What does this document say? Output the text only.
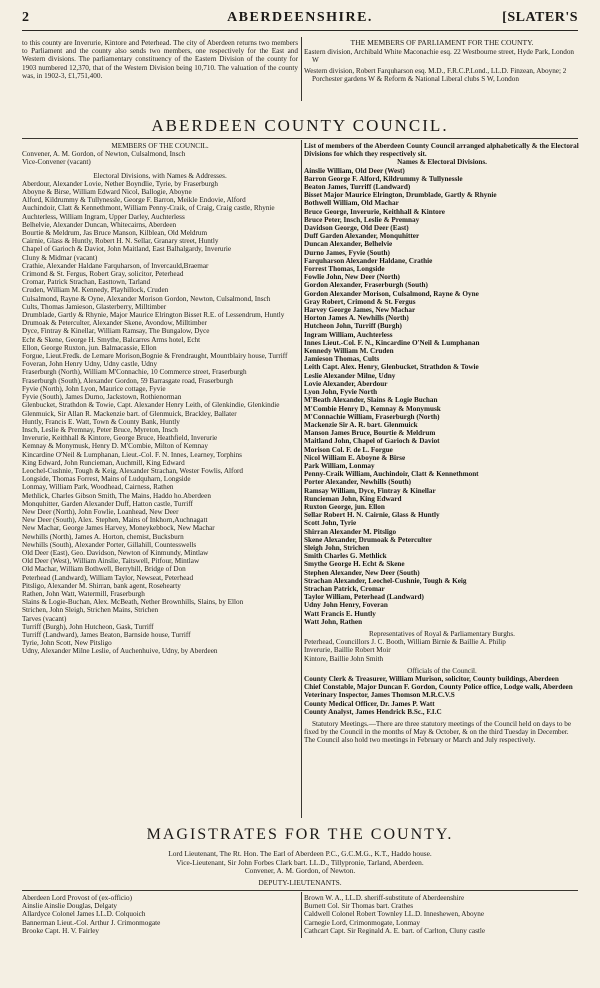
2	ABERDEENSHIRE.	[SLATER'S

to this county are Inverurie, Kintore and Peterhead. The city of Aberdeen returns two members to Parliament and the county also sends two members, one respectively for the East and Western divisions. The parliamentary constituency of the Eastern Division of the county for 1903 numbered 12,370, that of the Western Division being 10,710. The valuation of the county was, in 1902-3, £1,751,400.

THE MEMBERS OF PARLIAMENT FOR THE COUNTY.

Eastern division, Archibald White Maconachie esq. 22 Westbourne street, Hyde Park, London W

Western division, Robert Farquharson esq. M.D., F.R.C.P.Lond., LL.D. Finzean, Aboyne; 2 Porchester gardens W & Reform & National Liberal clubs S W, London

ABERDEEN COUNTY COUNCIL.

MEMBERS OF THE COUNCIL.

Convener, A. M. Gordon, of Newton, Culsalmond, Insch

Vice-Convener (vacant)

Electoral Divisions, with Names & Addresses.

Aberdour, Alexander Lovie, Nether Boyndlie, Tyrie, by Fraserburgh

Aboyne & Birse, William Edward Nicol, Ballogie, Aboyne

Alford, Kildrummy & Tullynessle, George F. Barron, Meikle Endovie, Alford

Auchindoir, Clatt & Kennethmont, William Penny-Craik, of Craig, Craig castle, Rhynie

Auchterless, William Ingram, Upper Darley, Auchterless

Belhelvie, Alexander Duncan, Whitecairns, Aberdeen

Bourtie & Meldrum, Jas Bruce Manson, Kilblean, Old Meldrum

Cairnie, Glass & Huntly, Robert H. N. Sellar, Granary street, Huntly

Chapel of Garioch & Daviot, John Maitland, East Balhalgardy, Inverurie

Cluny & Midmar (vacant)

Crathie, Alexander Haldane Farquharson, of Invercauld,Braemar

Crimond & St. Fergus, Robert Gray, solicitor, Peterhead

Cromar, Patrick Strachan, Easttown, Tarland

Cruden, William M. Kennedy, Playhillock, Cruden

Culsalmond, Rayne & Oyne, Alexander Morison Gordon, Newton, Culsalmond, Insch

Cults, Thomas Jamieson, Glasterberry, Milltimber

Drumblade, Gartly & Rhynie, Major Maurice Elrington Bisset R.E. of Lessendrum, Huntly

Drumoak & Peterculter, Alexander Skene, Avondow, Milltimber

Dyce, Fintray & Kinellar, William Ramsay, The Bungalow, Dyce

Echt & Skene, George H. Smythe, Balcarres Arms hotel, Echt

Ellon, George Ruxton, jun. Balmacassie, Ellon

Forgue, Lieut.Fredk. de Lemare Morison,Bognie & Frendraught, Mountblairy house, Turriff

Foveran, John Henry Udny, Udny castle, Udny

Fraserburgh (North), William M'Connachie, 10 Commerce street, Fraserburgh

Fraserburgh (South), Alexander Gordon, 59 Barrasgate road, Fraserburgh

Fyvie (North), John Lyon, Maurice cottage, Fyvie

Fyvie (South), James Durno, Jackstown, Rothienorman

Glenbucket, Strathdon & Towie, Capt. Alexander Henry Leith, of Glenkindie, Glenkindie

Glenmuick, Sir Allan R. Mackenzie bart. of Glenmuick, Brackley, Ballater

Huntly, Francis E. Watt, Town & County Bank, Huntly

Insch, Leslie & Premnay, Peter Bruce, Myreton, Insch

Inverurie, Keithhall & Kintore, George Bruce, Heathfield, Inverurie

Kemnay & Monymusk, Henry D. M'Combie, Milton of Kemnay

Kincardine O'Neil & Lumphanan, Lieut.-Col. F. N. Innes, Learney, Torphins

King Edward, John Runcieman, Auchmill, King Edward

Leochel-Cushnie, Tough & Keig, Alexander Strachan, Wester Fowlis, Alford

Longside, Thomas Forrest, Mains of Ludquharn, Longside

Lonmay, William Park, Woodhead, Cairness, Rathen

Methlick, Charles Gibson Smith, The Mains, Haddo ho.Aberdeen

Monquhitter, Garden Alexander Duff, Hatton castle, Turriff

New Deer (North), John Fowlie, Loanhead, New Deer

New Deer (South), Alex. Stephen, Mains of Inkhorn,Auchnagatt

New Machar, George James Harvey, Moneykebbock, New Machar

Newhills (North), James A. Horton, chemist, Bucksburn

Newhills (South), Alexander Porter, Gillahill, Countesswells

Old Deer (East), Geo. Davidson, Newton of Kinmundy, Mintlaw

Old Deer (West), William Ainslie, Taitswell, Pitfour, Mintlaw

Old Machar, William Bothwell, Berryhill, Bridge of Don

Peterhead (Landward), William Taylor, Newseat, Peterhead

Pitsligo, Alexander M. Shirran, bank agent, Rosehearty

Rathen, John Watt, Watermill, Fraserburgh

Slains & Logie-Buchan, Alex. McBeath, Nether Brownhills, Slains, by Ellon

Strichen, John Sleigh, Strichen Mains, Strichen

Tarves (vacant)

Turriff (Burgh), John Hutcheon, Gask, Turriff

Turriff (Landward), James Beaton, Barnside house, Turriff

Tyrie, John Scott, New Pitsligo

Udny, Alexander Milne Leslie, of Auchenhuive, Udny, by Aberdeen

List of members of the Aberdeen County Council arranged alphabetically & the Electoral Divisions for which they respectively sit.

Names & Electoral Divisions.

Ainslie William, Old Deer (West)

Barron George F. Alford, Kildrummy & Tullynessle

Beaton James, Turriff (Landward)

Bisset Major Maurice Elrington, Drumblade, Gartly & Rhynie

Bothwell William, Old Machar

Bruce George, Inverurie, Keithhall & Kintore

Bruce Peter, Insch, Leslie & Premnay

Davidson George, Old Deer (East)

Duff Garden Alexander, Monquhitter

Duncan Alexander, Belhelvie

Durno James, Fyvie (South)

Farquharson Alexander Haldane, Crathie

Forrest Thomas, Longside

Fowlie John, New Deer (North)

Gordon Alexander, Fraserburgh (South)

Gordon Alexander Morison, Culsalmond, Rayne & Oyne

Gray Robert, Crimond & St. Fergus

Harvey George James, New Machar

Horton James A. Newhills (North)

Hutcheon John, Turriff (Burgh)

Ingram William, Auchterless

Innes Lieut.-Col. F. N., Kincardine O'Neil & Lumphanan

Kennedy William M. Cruden

Jamieson Thomas, Cults

Leith Capt. Alex. Henry, Glenbucket, Strathdon & Towie

Leslie Alexander Milne, Udny

Lovie Alexander, Aberdour

Lyon John, Fyvie North

M'Beath Alexander, Slains & Logie Buchan

M'Combie Henry D., Kemnay & Monymusk

M'Connachie William, Fraserburgh (North)

Mackenzie Sir A. R. bart. Glenmuick

Manson James Bruce, Bourtie & Meldrum

Maitland John, Chapel of Garioch & Daviot

Morison Col. F. de L. Forgue

Nicol William E. Aboyne & Birse

Park William, Lonmay

Penny-Craik William, Auchindoir, Clatt & Kennethmont

Porter Alexander, Newhills (South)

Ramsay William, Dyce, Fintray & Kinellar

Runcieman John, King Edward

Ruxton George, jun. Ellon

Sellar Robert H. N. Cairnie, Glass & Huntly

Scott John, Tyrie

Shirran Alexander M. Pitsligo

Skene Alexander, Drumoak & Peterculter

Sleigh John, Strichen

Smith Charles G. Methlick

Smythe George H. Echt & Skene

Stephen Alexander, New Deer (South)

Strachan Alexander, Leochel-Cushnie, Tough & Keig

Strachan Patrick, Cromar

Taylor William, Peterhead (Landward)

Udny John Henry, Foveran

Watt Francis E. Huntly

Watt John, Rathen

Representatives of Royal & Parliamentary Burghs.

Peterhead, Councillors J. C. Booth, William Birnie & Baillie A. Philip

Inverurie, Baillie Robert Moir

Kintore, Baillie John Smith

Officials of the Council.

County Clerk & Treasurer, William Murison, solicitor, County buildings, Aberdeen

Chief Constable, Major Duncan F. Gordon, County Police office, Lodge walk, Aberdeen

Veterinary Inspector, James Thomson M.R.C.V.S

County Medical Officer, Dr. James P. Watt

County Analyst, James Hendrick B.Sc., F.I.C

Statutory Meetings.—There are three statutory meetings of the Council held on days to be fixed by the Council in the months of May & October, & on the third Tuesday in December. The Council also hold two meetings in February or March and July respectively.

MAGISTRATES FOR THE COUNTY.

Lord Lieutenant, The Rt. Hon. The Earl of Aberdeen P.C., G.C.M.G., K.T., Haddo house.

Vice-Lieutenant, Sir John Forbes Clark bart. LL.D., Tillypronie, Tarland, Aberdeen.

Convener, A. M. Gordon, of Newton.

DEPUTY-LIEUTENANTS.

Aberdeen Lord Provost of (ex-officio)

Ainslie Ainslie Douglas, Delgaty

Allardyce Colonel James LL.D. Colquoich

Bannerman Lieut.-Col. Arthur J. Crimonmogate

Brooke Capt. H. V. Fairley

Brown W. A., LL.D. sheriff-substitute of Aberdeenshire

Burnett Col. Sir Thomas bart. Crathes

Caldwell Colonel Robert Townley LL.D. Inneshewen, Aboyne

Carnegie Lord, Crimonmogate, Lonmay

Cathcart Capt. Sir Reginald A. E. bart. of Carlton, Cluny castle
